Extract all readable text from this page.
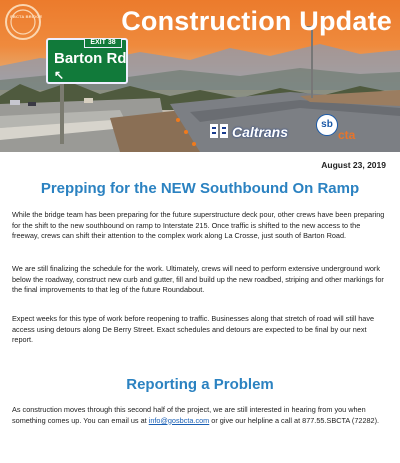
SBCTA BRIDGE	Construction Update
EXIT 38
Barton Rd
↖
Caltrans	sb
cta
August 23, 2019
Prepping for the NEW Southbound On Ramp

While the bridge team has been preparing for the future superstructure deck pour, other crews have been preparing for the shift to the new southbound on ramp to Interstate 215. Once traffic is shifted to the new access to the freeway, crews can shift their attention to the complex work along La Crosse, just south of Barton Road.

We are still finalizing the schedule for the work. Ultimately, crews will need to perform extensive underground work below the roadway, construct new curb and gutter, fill and build up the new roadbed, striping and other markings for the final improvements to that leg of the future Roundabout.

Expect weeks for this type of work before reopening to traffic. Businesses along that stretch of road will still have access using detours along De Berry Street. Exact schedules and detours are expected to be final by our next report.

Reporting a Problem

As construction moves through this second half of the project, we are still interested in hearing from you when something comes up. You can email us at info@gosbcta.com or give our helpline a call at 877.55.SBCTA (72282).
